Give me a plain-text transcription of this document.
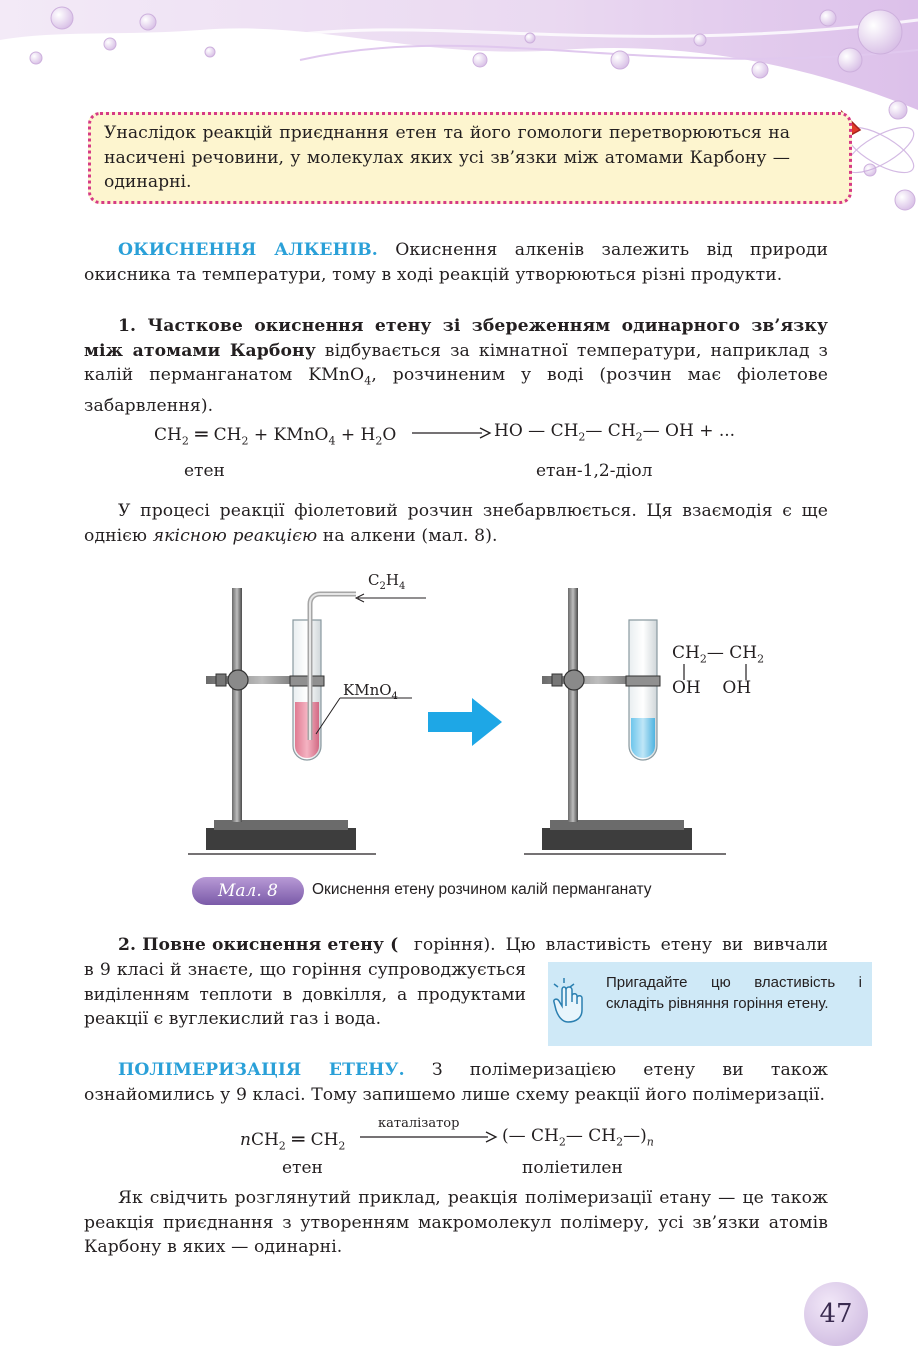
Унаслідок реакцій приєднання етен та його гомологи перетворюються на насичені речовини, у молекулах яких усі зв’язки між атомами Карбону — одинарні.
ОКИСНЕННЯ АЛКЕНІВ. Окиснення алкенів залежить від природи окисника та температури, тому в ході реакцій утворюються різні продукти.
1. Часткове окиснення етену зі збереженням одинарного зв’язку між атомами Карбону відбувається за кімнатної температури, наприклад з калій перманганатом KMnO$_4$, розчиненим у воді (розчин має фіолетове забарвлення).
$CH_2$ ═ $CH_2$ + KMnO$_4$ + $H_2O$	HO — $CH_2—$ $CH_2—$ OH + ...
етен	етан-1,2-діол
У процесі реакції фіолетовий розчин знебарвлюється. Ця взаємодія є ще однією якісною реакцією на алкени (мал. 8).
$C_2H_4$
KMnO$_4$
$CH_2—$ $CH_2$
OH    OH
Мал. 8	Окиснення етену розчином калій перманганату
2. Повне окиснення етену ( горіння). Цю властивість етену ви вивчали
в 9 класі й знаєте, що горіння супроводжується виділенням теплоти в довкілля, а продуктами реакції є вуглекислий газ і вода.
Пригадайте цю властивість і складіть рівняння горіння етену.
ПОЛІМЕРИЗАЦІЯ ЕТЕНУ. З полімеризацією етену ви також ознайомились у 9 класі. Тому запишемо лише схему реакції його полімеризації.
nCH$_2$ ═ $CH_2$
каталізатор
(— $CH_2—$ $CH_2—)_n$
етен	поліетилен
Як свідчить розглянутий приклад, реакція полімеризації етану — це також реакція приєднання з утворенням макромолекул полімеру, усі зв’язки атомів Карбону в яких — одинарні.
47
